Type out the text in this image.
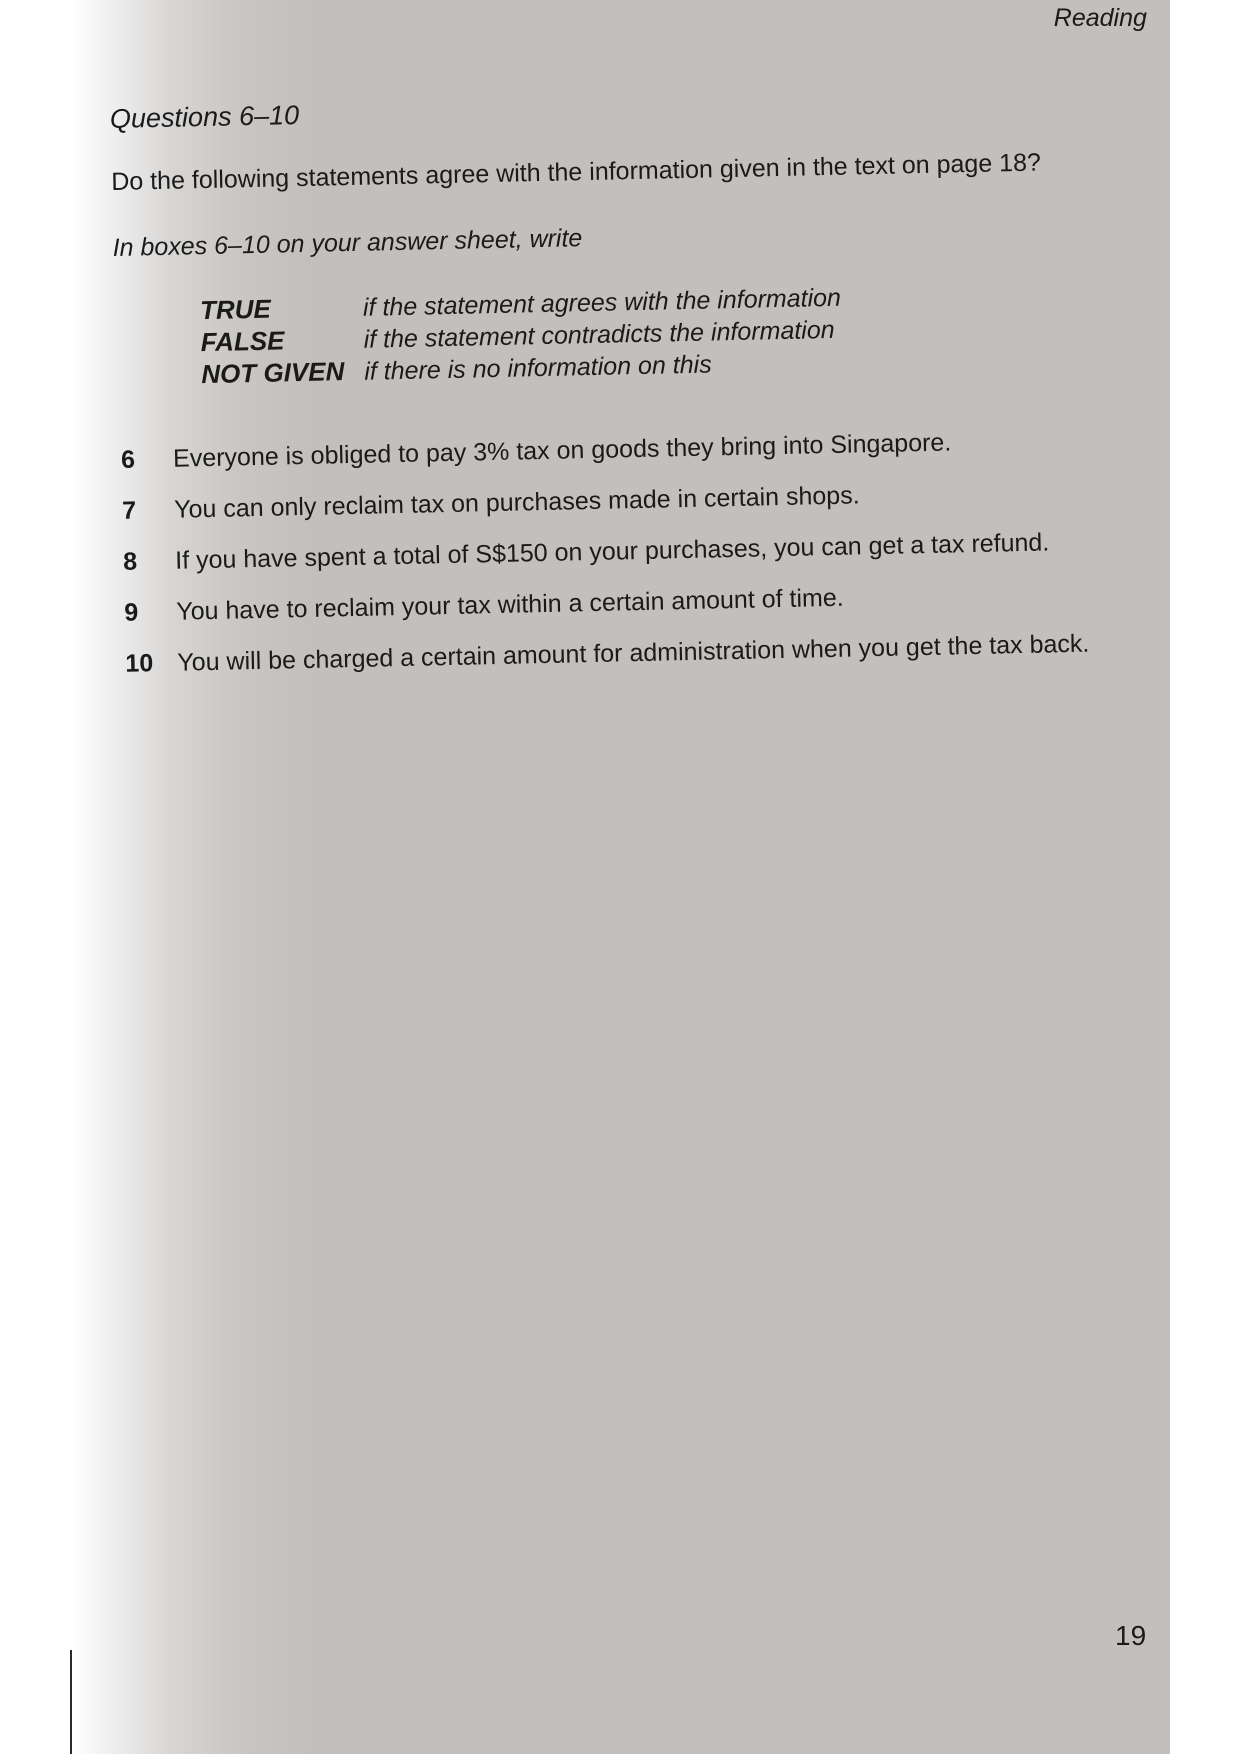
Reading

Questions 6–10

Do the following statements agree with the information given in the text on page 18?

In boxes 6–10 on your answer sheet, write

TRUE	if the statement agrees with the information
FALSE	if the statement contradicts the information
NOT GIVEN if there is no information on this
6	Everyone is obliged to pay 3% tax on goods they bring into Singapore.
7	You can only reclaim tax on purchases made in certain shops.
8	If you have spent a total of S$150 on your purchases, you can get a tax refund.
9	You have to reclaim your tax within a certain amount of time.
10 You will be charged a certain amount for administration when you get the tax back.

19
